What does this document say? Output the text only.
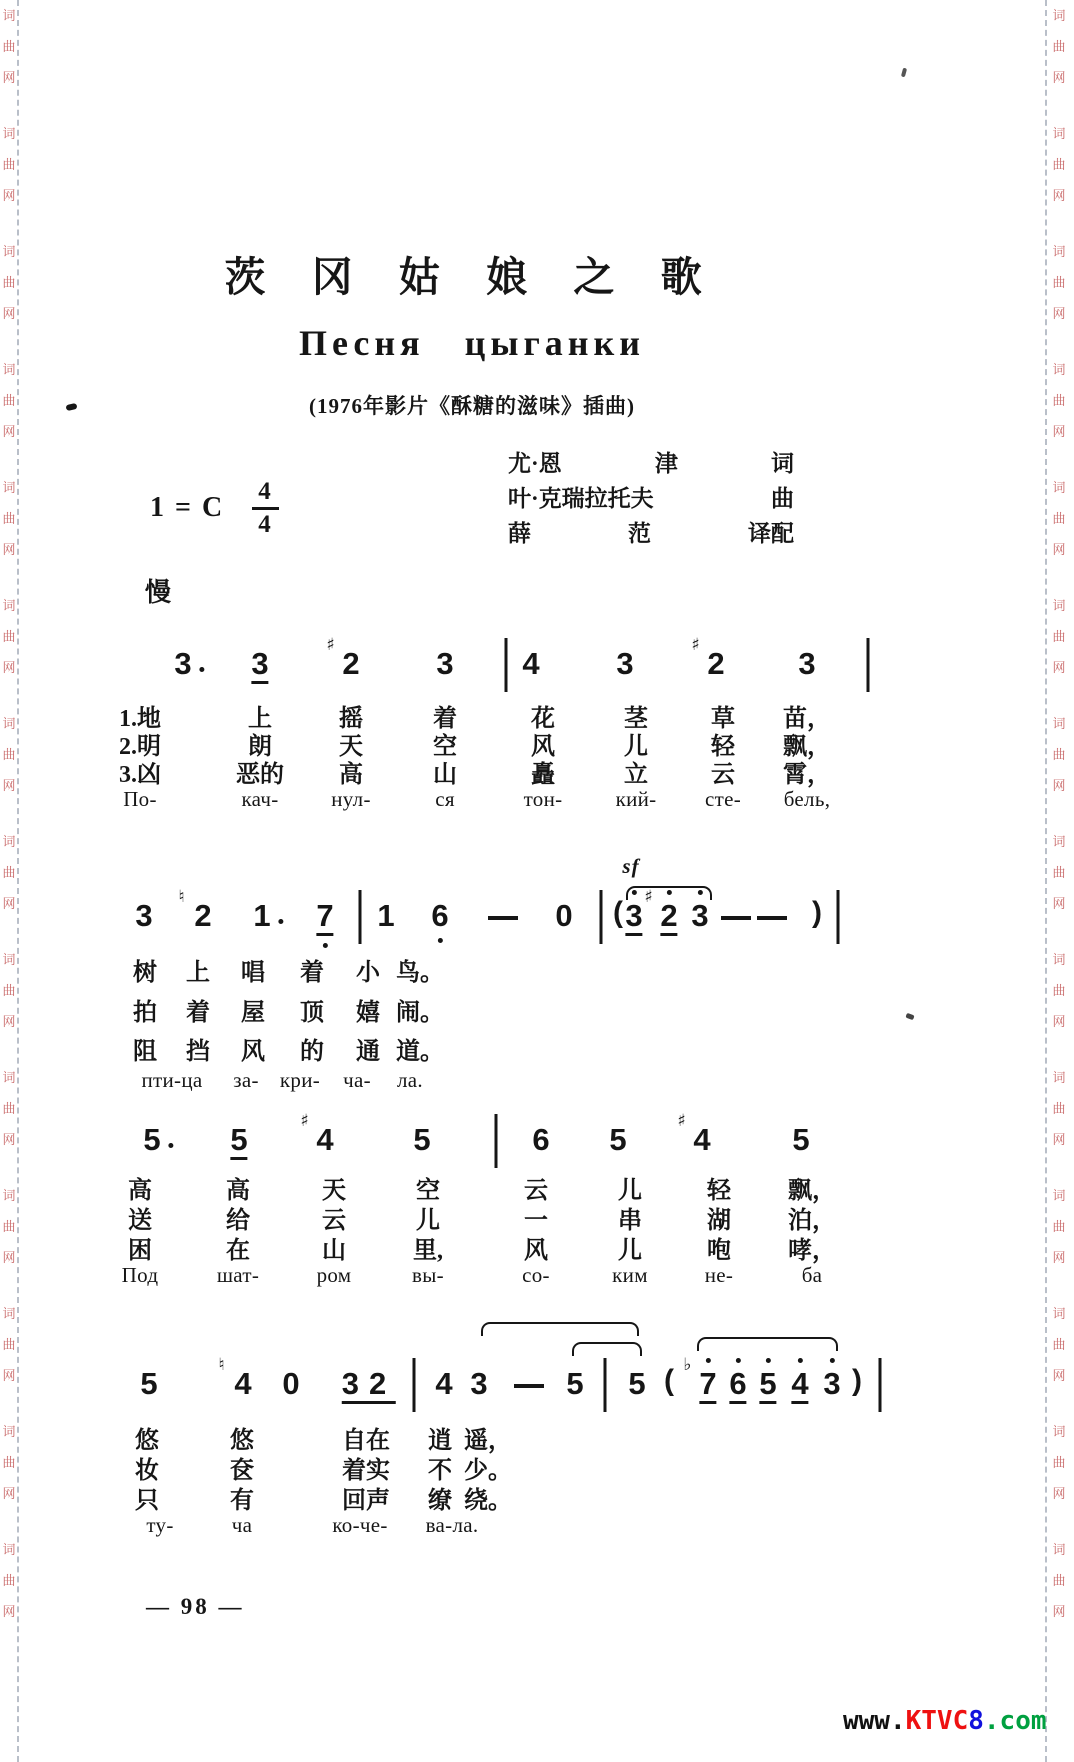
词
曲
网
词
曲
网
词
曲
网
词
曲
网
词
曲
网
词
曲
网
词
曲
网
词
曲
网
词
曲
网
词
曲
网
词
曲
网
词
曲
网
词
曲
网
词
曲
网
词
曲
网
词
曲
网
词
曲
网
词
曲
网
词
曲
网
词
曲
网
词
曲
网
词
曲
网
词
曲
网
词
曲
网
词
曲
网
词
曲
网
词
曲
网
词
曲
网
茨 冈 姑 娘 之 歌
Песня цыганки
(1976年影片《酥糖的滋味》插曲)
1 = C $\frac{4}{4}$
尤·恩	津	词
叶·克瑞拉托夫	曲
薛	范	译配
慢
3 3
♯
2 3 4 3
♯
2 3
1.地	上	摇	着	花	茎	草 苗，
2.明	朗	天	空	风	儿	轻 飘，
3.凶	恶的 高	山	矗	立	云 霄，
По-	кач-	нул-	ся	тон-	кий- сте- бель,
sf
3
♮
2 1 7 1 6	0 ( 3
♯
2 3	)
树 上 唱 着 小 鸟。
拍 着 屋 顶 嬉 闹。
阻 挡 风 的 通 道。
пти-ца за- кри- ча- ла.
5 5
♯
4	5	6 5
♯
4	5
高	高	天	空	云	儿	轻 飘，
送	给	云	儿	一	串	湖 泊，
困	在	山	里,	风	儿	咆 哮，
Под	шат-	ром	вы-	со-	ким	не-	ба
5
♮
4 0 32 4 3	5 5 ( ♭
7 6 5 4 3 )
悠	悠	自在 逍 遥，
妆	奁	着实 不 少。
只	有	回声 缭 绕。
ту-	ча	ко-че- ва-ла.
— 98 —
www.KTVC8.com
